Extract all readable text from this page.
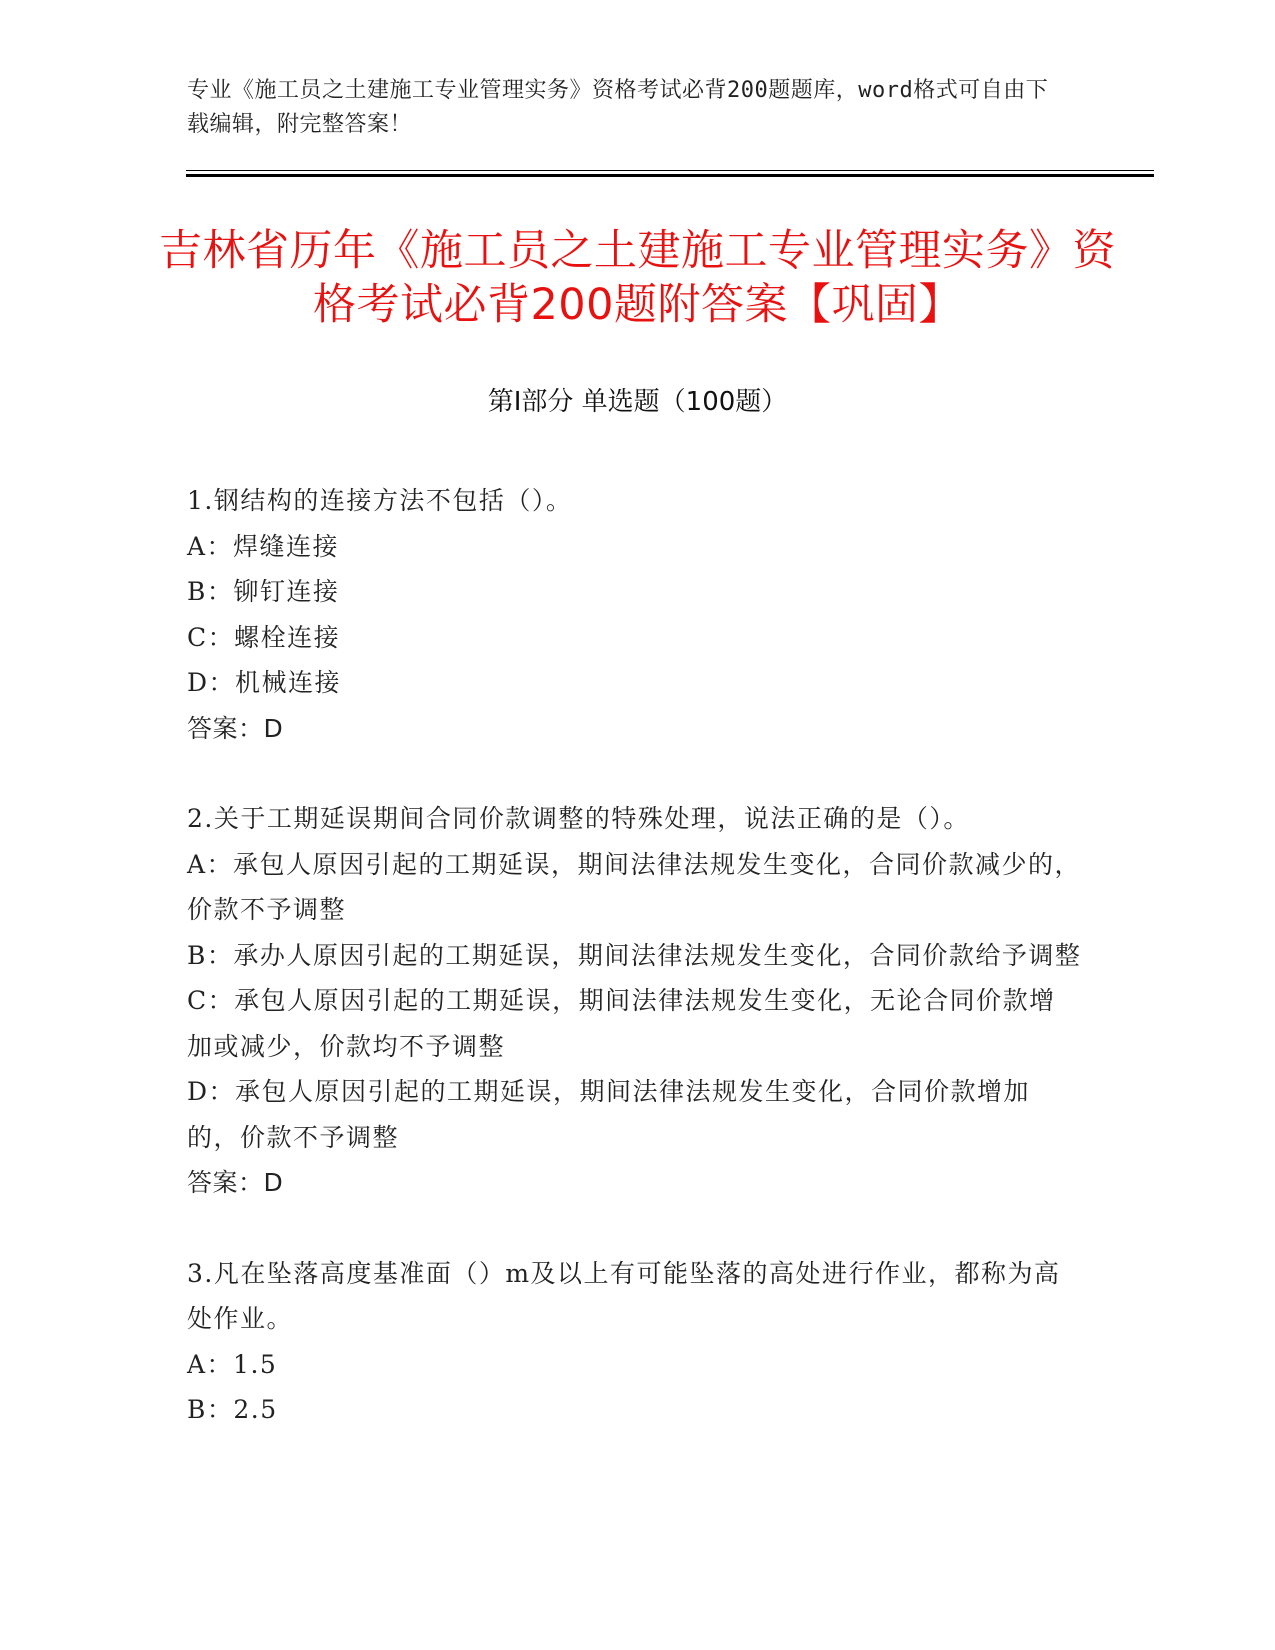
专业《施工员之土建施工专业管理实务》资格考试必背200题题库，word格式可自由下载编辑，附完整答案！
吉林省历年《施工员之土建施工专业管理实务》资格考试必背200题附答案【巩固】
第Ⅰ部分 单选题（100题）

1.钢结构的连接方法不包括（）。

A：焊缝连接

B：铆钉连接

C：螺栓连接

D：机械连接

答案：D

2.关于工期延误期间合同价款调整的特殊处理，说法正确的是（）。

A：承包人原因引起的工期延误，期间法律法规发生变化，合同价款减少的，价款不予调整

B：承办人原因引起的工期延误，期间法律法规发生变化，合同价款给予调整

C：承包人原因引起的工期延误，期间法律法规发生变化，无论合同价款增加或减少，价款均不予调整

D：承包人原因引起的工期延误，期间法律法规发生变化，合同价款增加的，价款不予调整

答案：D

3.凡在坠落高度基准面（）m及以上有可能坠落的高处进行作业，都称为高处作业。

A：1.5

B：2.5
